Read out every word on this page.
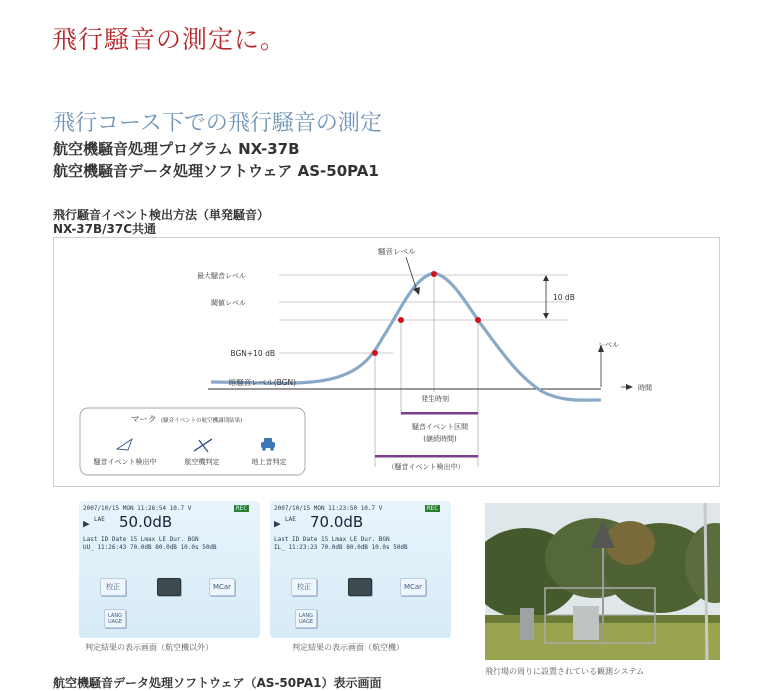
飛行騒音の測定に。
飛行コース下での飛行騒音の測定
航空機騒音処理プログラム NX-37B
航空機騒音データ処理ソフトウェア AS-50PA1
飛行騒音イベント検出方法（単発騒音）
NX-37B/37C共通
騒音レベル
最大騒音レベル
閾値レベル
BGN+10 dB
暗騒音レベル(BGN)
10 dB
レベル
時間
発生時刻
騒音イベント区間
(継続時間)
（騒音イベント検出中）
マーク (騒音イベントの航空機識別結果)
騒音イベント検出中	航空機判定	地上音判定
2007/10/15 MON 11:26:54 10.7 V	REC
▶ LAE 50.0dB
Last ID Date 15 Lmax LE Dur. BGN
UU_ 11:26:43 70.0dB 80.0dB 10.0s 50dB
校正	MCar
LANG
UAGE
判定結果の表示画面（航空機以外）
2007/10/15 MON 11:23:50 10.7 V	REC
▶ LAE 70.0dB
Last ID Date 15 Lmax LE Dur. BGN
IL_ 11:23:23 70.0dB 80.0dB 10.0s 50dB
校正	MCar
LANG
UAGE
判定結果の表示画面（航空機）
飛行場の周りに設置されている観測システム
航空機騒音データ処理ソフトウェア（AS-50PA1）表示画面
